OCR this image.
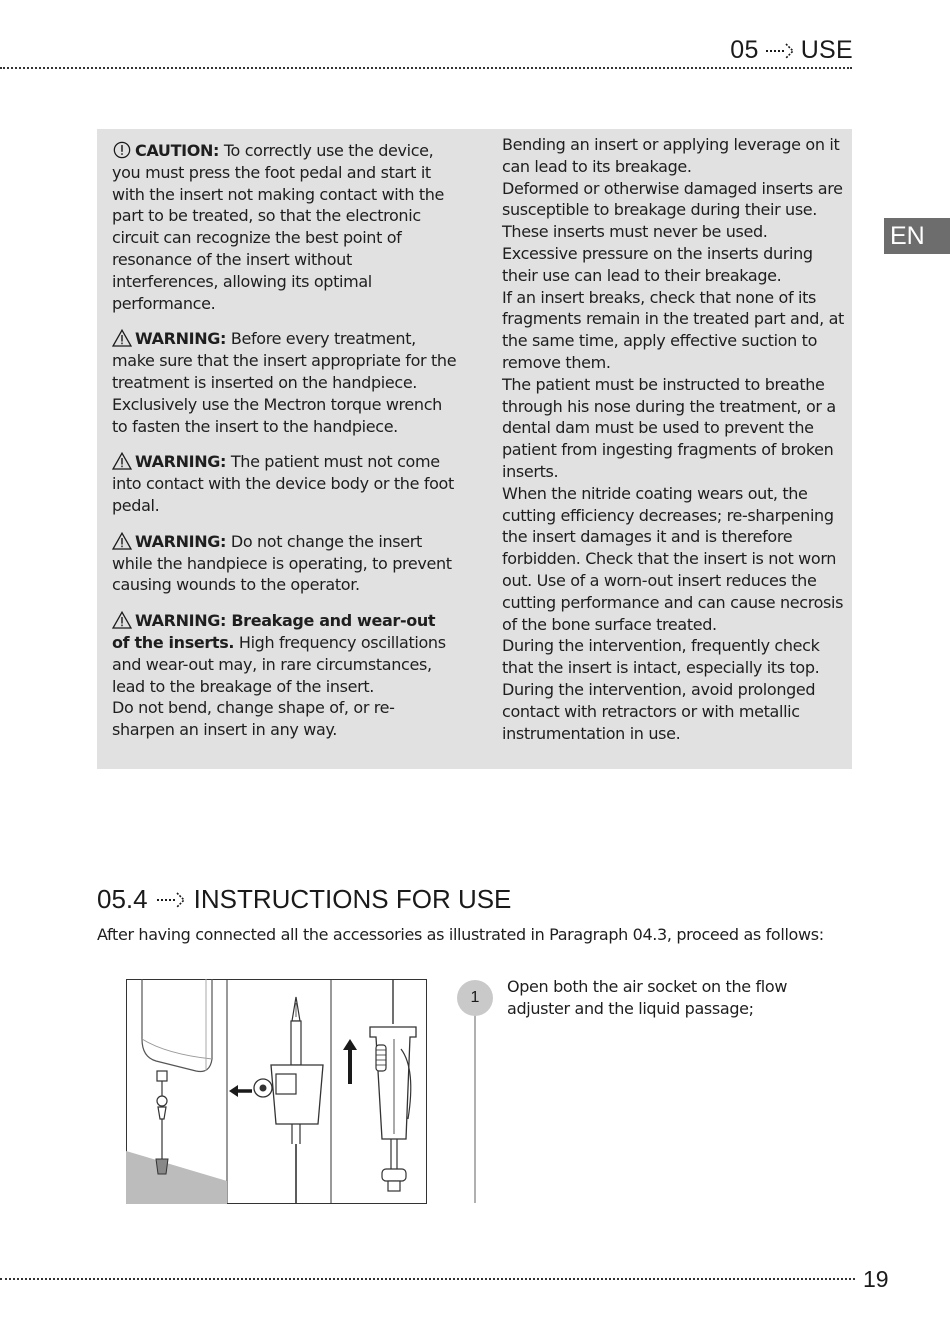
05 USE
EN

CAUTION: To correctly use the device, you must press the foot pedal and start it with the insert not making contact with the part to be treated, so that the electronic circuit can recognize the best point of resonance of the insert without interferences, allowing its optimal performance.

WARNING: Before every treatment, make sure that the insert appropriate for the treatment is inserted on the handpiece. Exclusively use the Mectron torque wrench to fasten the insert to the handpiece.

WARNING: The patient must not come into contact with the device body or the foot pedal.

WARNING: Do not change the insert while the handpiece is operating, to prevent causing wounds to the operator.

WARNING: Breakage and wear-out of the inserts. High frequency oscillations and wear-out may, in rare circumstances, lead to the breakage of the insert.

Do not bend, change shape of, or re-sharpen an insert in any way.

Bending an insert or applying leverage on it can lead to its breakage.

Deformed or otherwise damaged inserts are susceptible to breakage during their use. These inserts must never be used.

Excessive pressure on the inserts during their use can lead to their breakage.

If an insert breaks, check that none of its fragments remain in the treated part and, at the same time, apply effective suction to remove them.

The patient must be instructed to breathe through his nose during the treatment, or a dental dam must be used to prevent the patient from ingesting fragments of broken inserts.

When the nitride coating wears out, the cutting efficiency decreases; re-sharpening the insert damages it and is therefore forbidden. Check that the insert is not worn out. Use of a worn-out insert reduces the cutting performance and can cause necrosis of the bone surface treated.

During the intervention, frequently check that the insert is intact, especially its top.

During the intervention, avoid prolonged contact with retractors or with metallic instrumentation in use.

05.4 INSTRUCTIONS FOR USE

After having connected all the accessories as illustrated in Paragraph 04.3, proceed as follows:

1

Open both the air socket on the flow adjuster and the liquid passage;

19
